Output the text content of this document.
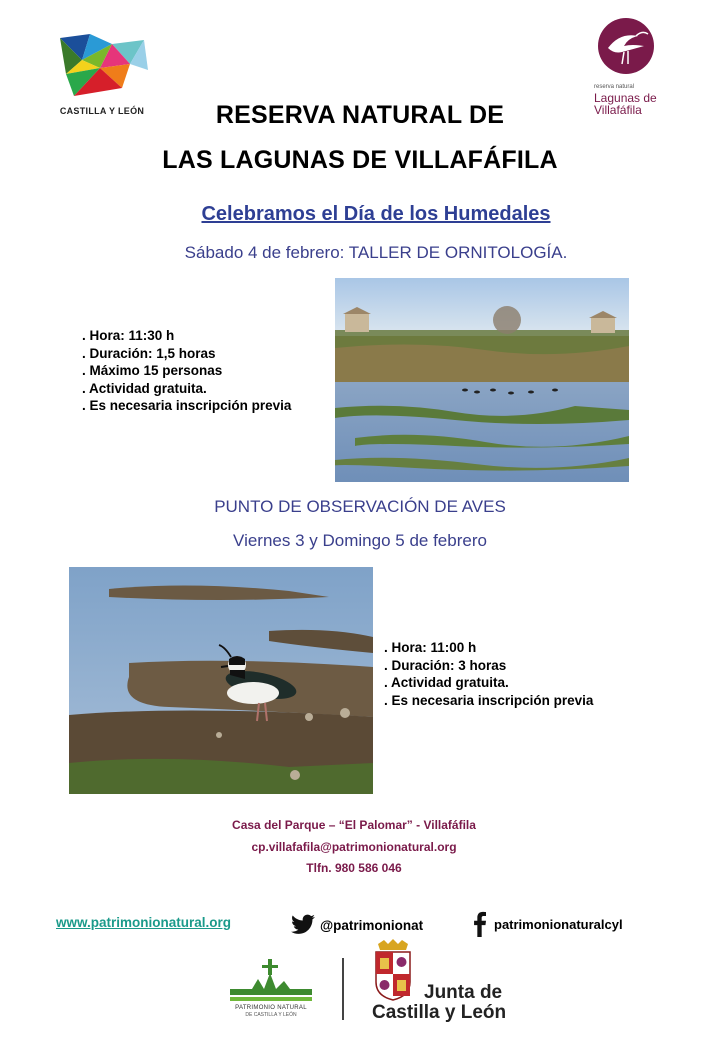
CASTILLA Y LEÓN
reserva natural
Lagunas de
Villafáfila
RESERVA NATURAL DE
LAS LAGUNAS DE VILLAFÁFILA
Celebramos el Día de los Humedales
Sábado 4 de febrero: TALLER DE ORNITOLOGÍA.
. Hora: 11:30 h
. Duración: 1,5 horas
. Máximo 15 personas
. Actividad gratuita.
. Es necesaria inscripción previa
PUNTO DE OBSERVACIÓN DE AVES
Viernes 3 y Domingo 5 de febrero
. Hora: 11:00 h
. Duración: 3 horas
. Actividad gratuita.
. Es necesaria inscripción previa
Casa del Parque – “El Palomar” - Villafáfila
cp.villafafila@patrimonionatural.org
Tlfn. 980 586 046
www.patrimonionatural.org	@patrimonionat	patrimonionaturalcyl
PATRIMONIO NATURAL
DE CASTILLA Y LEÓN
Junta de
Castilla y León
